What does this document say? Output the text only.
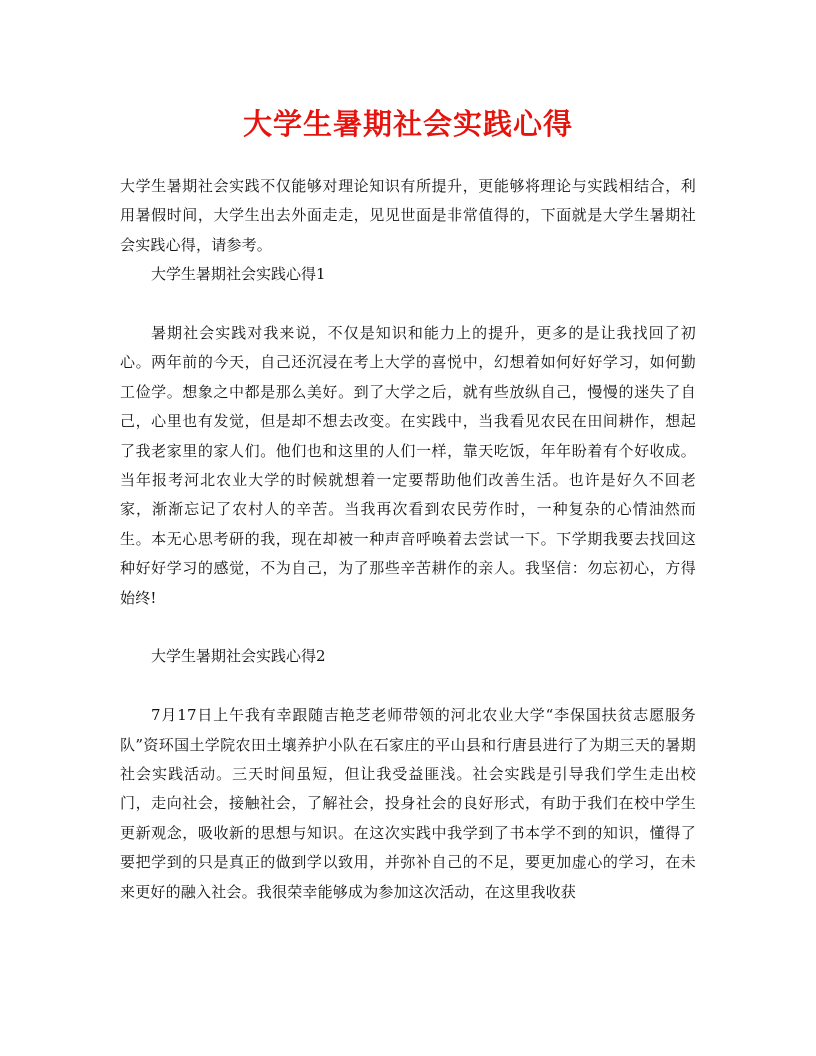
大学生暑期社会实践心得

大学生暑期社会实践不仅能够对理论知识有所提升，更能够将理论与实践相结合，利用暑假时间，大学生出去外面走走，见见世面是非常值得的，下面就是大学生暑期社会实践心得，请参考。

大学生暑期社会实践心得1

暑期社会实践对我来说，不仅是知识和能力上的提升，更多的是让我找回了初心。两年前的今天，自己还沉浸在考上大学的喜悦中，幻想着如何好好学习，如何勤工俭学。想象之中都是那么美好。到了大学之后，就有些放纵自己，慢慢的迷失了自己，心里也有发觉，但是却不想去改变。在实践中，当我看见农民在田间耕作，想起了我老家里的家人们。他们也和这里的人们一样，靠天吃饭，年年盼着有个好收成。当年报考河北农业大学的时候就想着一定要帮助他们改善生活。也许是好久不回老家，渐渐忘记了农村人的辛苦。当我再次看到农民劳作时，一种复杂的心情油然而生。本无心思考研的我，现在却被一种声音呼唤着去尝试一下。下学期我要去找回这种好好学习的感觉，不为自己，为了那些辛苦耕作的亲人。我坚信：勿忘初心，方得始终!

大学生暑期社会实践心得2

7月17日上午我有幸跟随吉艳芝老师带领的河北农业大学“李保国扶贫志愿服务队”资环国土学院农田土壤养护小队在石家庄的平山县和行唐县进行了为期三天的暑期社会实践活动。三天时间虽短，但让我受益匪浅。社会实践是引导我们学生走出校门，走向社会，接触社会，了解社会，投身社会的良好形式，有助于我们在校中学生更新观念，吸收新的思想与知识。在这次实践中我学到了书本学不到的知识，懂得了要把学到的只是真正的做到学以致用，并弥补自己的不足，要更加虚心的学习，在未来更好的融入社会。我很荣幸能够成为参加这次活动，在这里我收获
